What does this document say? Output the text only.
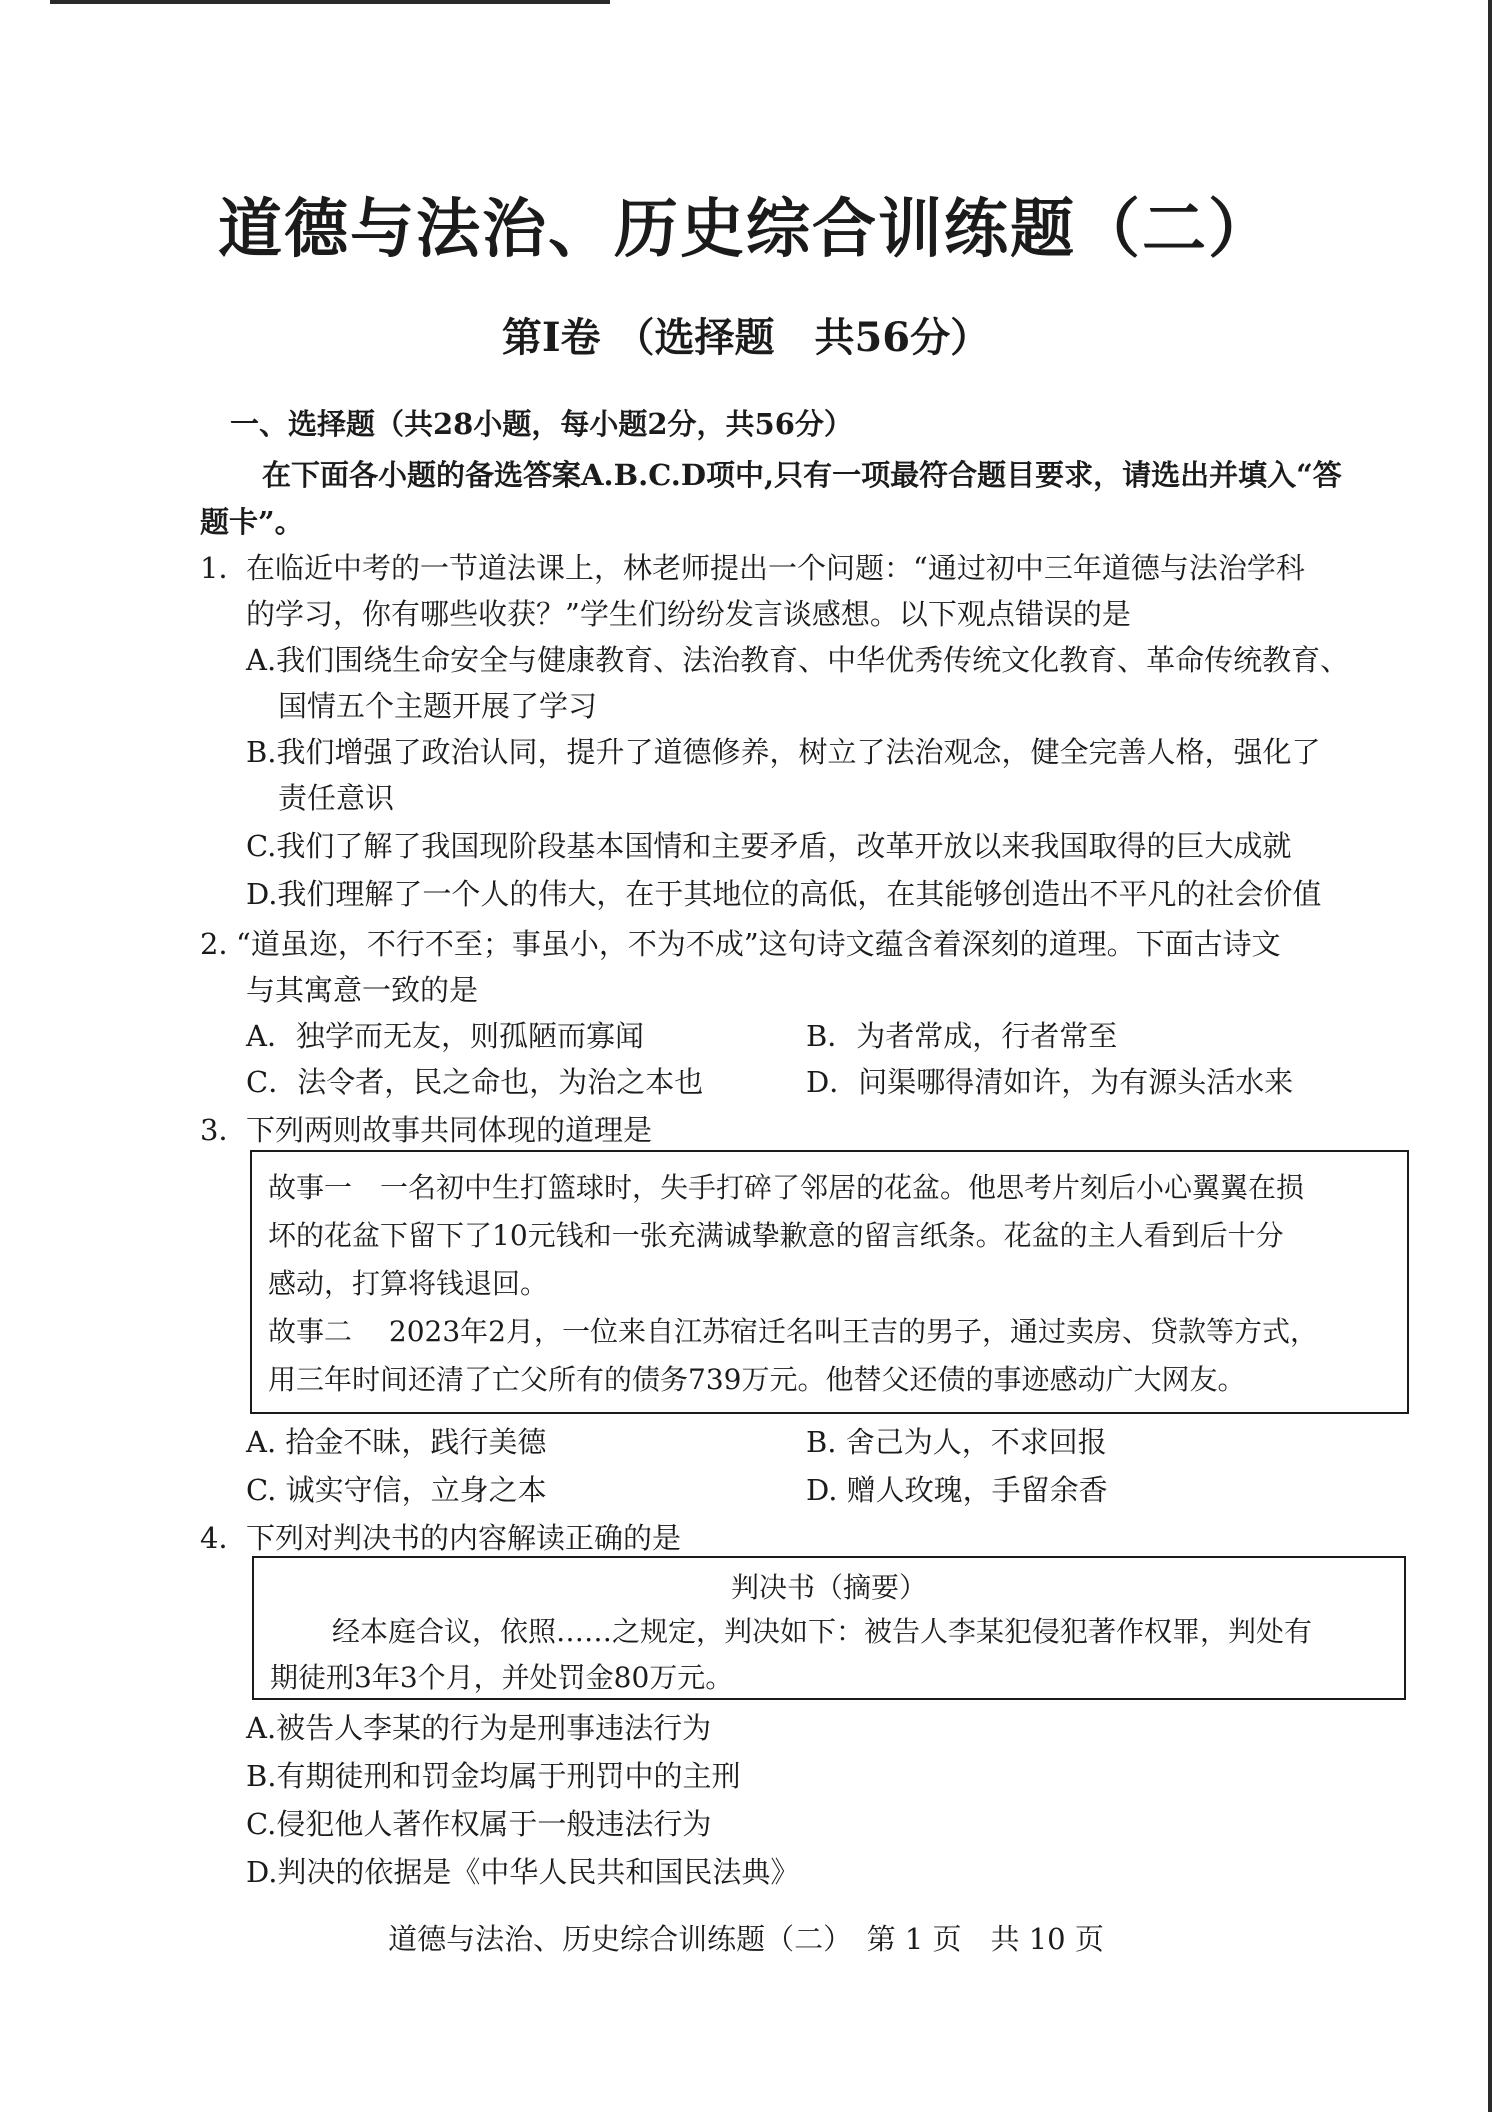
道德与法治、历史综合训练题（二）
第Ⅰ卷 （选择题　共56分）
一、选择题（共28小题，每小题2分，共56分）
在下面各小题的备选答案A.B.C.D项中,只有一项最符合题目要求，请选出并填入“答
题卡”。
1．
在临近中考的一节道法课上，林老师提出一个问题：“通过初中三年道德与法治学科
的学习，你有哪些收获？”学生们纷纷发言谈感想。以下观点错误的是
A.我们围绕生命安全与健康教育、法治教育、中华优秀传统文化教育、革命传统教育、
国情五个主题开展了学习
B.我们增强了政治认同，提升了道德修养，树立了法治观念，健全完善人格，强化了
责任意识
C.我们了解了我国现阶段基本国情和主要矛盾，改革开放以来我国取得的巨大成就
D.我们理解了一个人的伟大，在于其地位的高低，在其能够创造出不平凡的社会价值
2．
“道虽迩，不行不至；事虽小，不为不成”这句诗文蕴含着深刻的道理。下面古诗文
与其寓意一致的是
A．独学而无友，则孤陋而寡闻	B．为者常成，行者常至
C．法令者，民之命也，为治之本也	D．问渠哪得清如许，为有源头活水来
3．
下列两则故事共同体现的道理是
故事一　一名初中生打篮球时，失手打碎了邻居的花盆。他思考片刻后小心翼翼在损
坏的花盆下留下了10元钱和一张充满诚挚歉意的留言纸条。花盆的主人看到后十分
感动，打算将钱退回。
故事二　 2023年2月，一位来自江苏宿迁名叫王吉的男子，通过卖房、贷款等方式，
用三年时间还清了亡父所有的债务739万元。他替父还债的事迹感动广大网友。
A. 拾金不昧，践行美德	B. 舍己为人，不求回报
C. 诚实守信，立身之本	D. 赠人玫瑰，手留余香
4．
下列对判决书的内容解读正确的是
判决书（摘要）
经本庭合议，依照……之规定，判决如下：被告人李某犯侵犯著作权罪，判处有
期徒刑3年3个月，并处罚金80万元。
A.被告人李某的行为是刑事违法行为
B.有期徒刑和罚金均属于刑罚中的主刑
C.侵犯他人著作权属于一般违法行为
D.判决的依据是《中华人民共和国民法典》
道德与法治、历史综合训练题（二）　第 1 页　共 10 页
